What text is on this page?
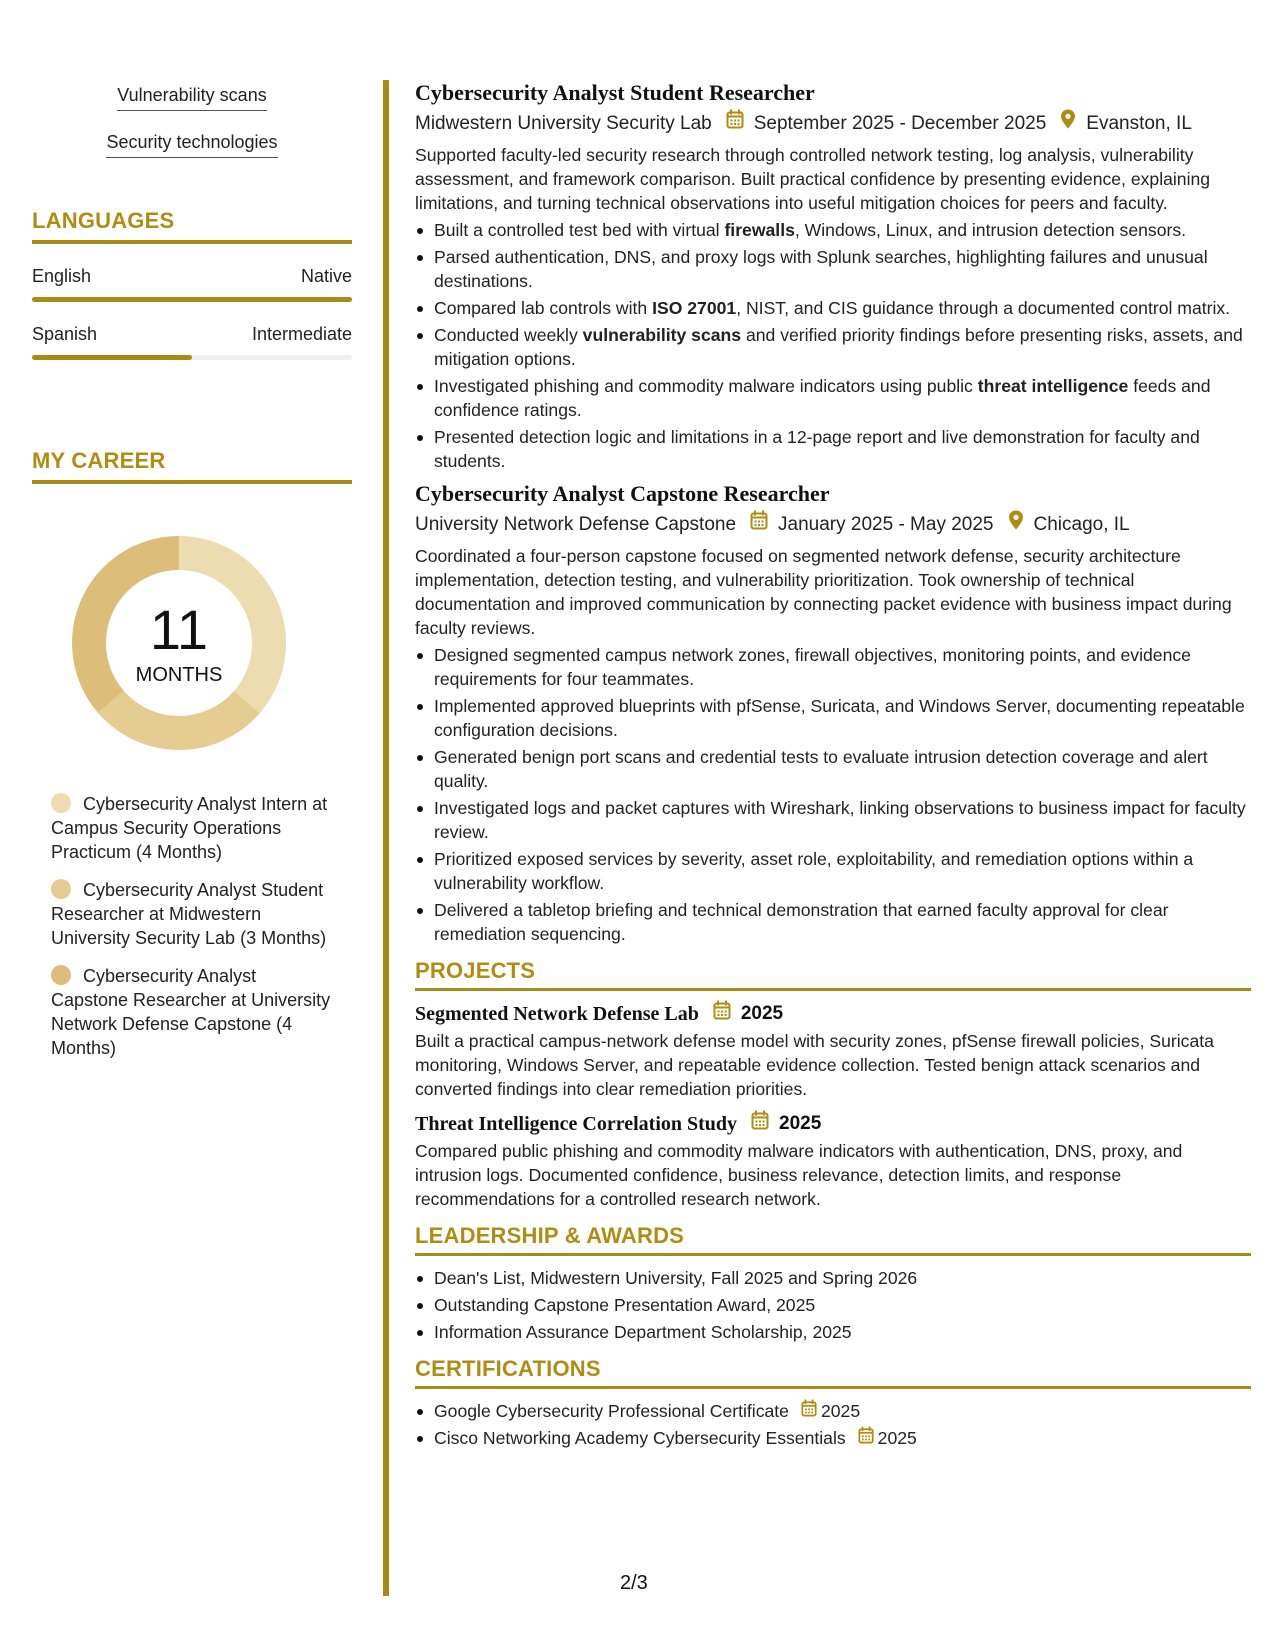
Vulnerability scans
Security technologies
LANGUAGES
English	Native
Spanish	Intermediate
MY CAREER
11
MONTHS
Cybersecurity Analyst Intern at Campus Security Operations Practicum (4 Months)
Cybersecurity Analyst Student Researcher at Midwestern University Security Lab (3 Months)
Cybersecurity Analyst Capstone Researcher at University Network Defense Capstone (4 Months)
Cybersecurity Analyst Student Researcher
Midwestern University Security Lab September 2025 - December 2025 Evanston, IL
Supported faculty-led security research through controlled network testing, log analysis, vulnerability assessment, and framework comparison. Built practical confidence by presenting evidence, explaining limitations, and turning technical observations into useful mitigation choices for peers and faculty.
Built a controlled test bed with virtual firewalls, Windows, Linux, and intrusion detection sensors.
Parsed authentication, DNS, and proxy logs with Splunk searches, highlighting failures and unusual destinations.
Compared lab controls with ISO 27001, NIST, and CIS guidance through a documented control matrix.
Conducted weekly vulnerability scans and verified priority findings before presenting risks, assets, and mitigation options.
Investigated phishing and commodity malware indicators using public threat intelligence feeds and confidence ratings.
Presented detection logic and limitations in a 12-page report and live demonstration for faculty and students.
Cybersecurity Analyst Capstone Researcher
University Network Defense Capstone January 2025 - May 2025 Chicago, IL
Coordinated a four-person capstone focused on segmented network defense, security architecture implementation, detection testing, and vulnerability prioritization. Took ownership of technical documentation and improved communication by connecting packet evidence with business impact during faculty reviews.
Designed segmented campus network zones, firewall objectives, monitoring points, and evidence requirements for four teammates.
Implemented approved blueprints with pfSense, Suricata, and Windows Server, documenting repeatable configuration decisions.
Generated benign port scans and credential tests to evaluate intrusion detection coverage and alert quality.
Investigated logs and packet captures with Wireshark, linking observations to business impact for faculty review.
Prioritized exposed services by severity, asset role, exploitability, and remediation options within a vulnerability workflow.
Delivered a tabletop briefing and technical demonstration that earned faculty approval for clear remediation sequencing.
PROJECTS
Segmented Network Defense Lab 2025
Built a practical campus-network defense model with security zones, pfSense firewall policies, Suricata monitoring, Windows Server, and repeatable evidence collection. Tested benign attack scenarios and converted findings into clear remediation priorities.
Threat Intelligence Correlation Study 2025
Compared public phishing and commodity malware indicators with authentication, DNS, proxy, and intrusion logs. Documented confidence, business relevance, detection limits, and response recommendations for a controlled research network.
LEADERSHIP & AWARDS
Dean's List, Midwestern University, Fall 2025 and Spring 2026
Outstanding Capstone Presentation Award, 2025
Information Assurance Department Scholarship, 2025
CERTIFICATIONS
Google Cybersecurity Professional Certificate 2025
Cisco Networking Academy Cybersecurity Essentials 2025
2/3
